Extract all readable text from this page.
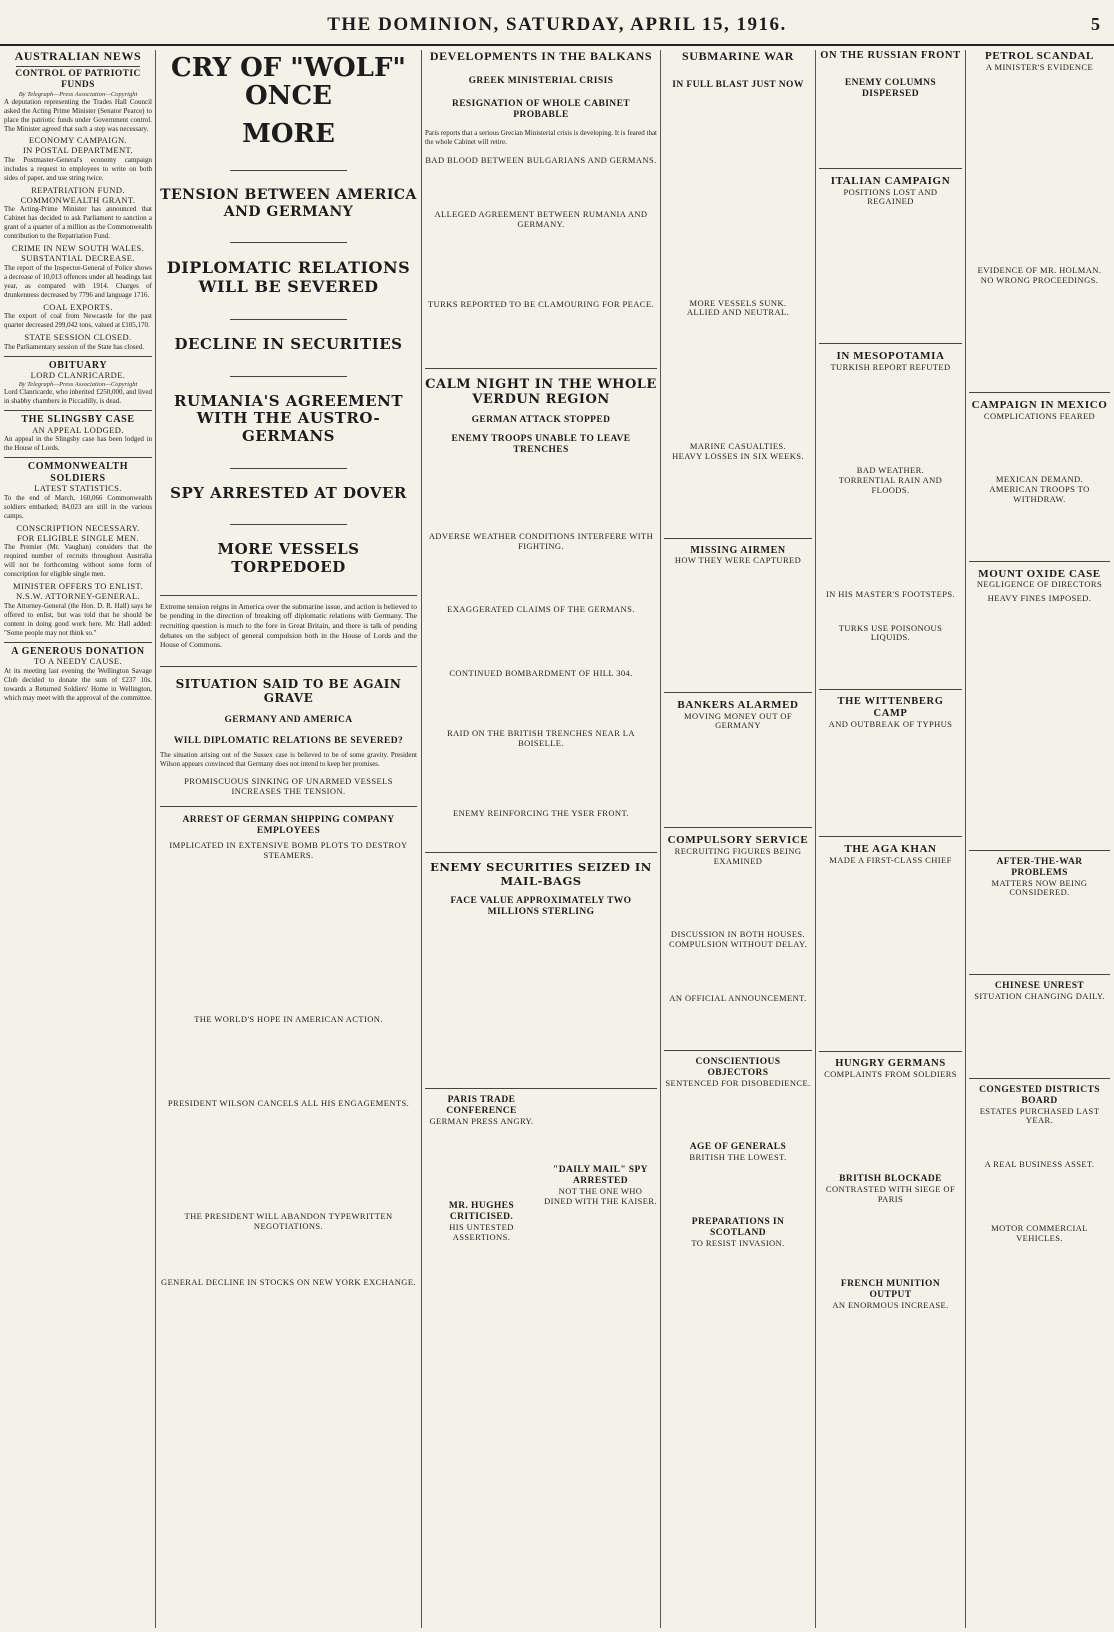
THE DOMINION, SATURDAY, APRIL 15, 1916.	5
AUSTRALIAN NEWS
CONTROL OF PATRIOTIC FUNDS
By Telegraph—Press Association—Copyright

A deputation representing the Trades Hall Council asked the Acting Prime Minister (Senator Pearce) to place the patriotic funds under Government control. The Minister agreed that such a step was necessary.

ECONOMY CAMPAIGN.
IN POSTAL DEPARTMENT.

The Postmaster-General's economy campaign includes a request to employees to write on both sides of paper, and use string twice.

REPATRIATION FUND.
COMMONWEALTH GRANT.

The Acting-Prime Minister has announced that Cabinet has decided to ask Parliament to sanction a grant of a quarter of a million as the Commonwealth contribution to the Repatriation Fund.

CRIME IN NEW SOUTH WALES.
SUBSTANTIAL DECREASE.

The report of the Inspector-General of Police shows a decrease of 10,013 offences under all headings last year, as compared with 1914. Charges of drunkenness decreased by 7796 and language 1716.

COAL EXPORTS.

The export of coal from Newcastle for the past quarter decreased 299,042 tons, valued at £105,170.

STATE SESSION CLOSED.

The Parliamentary session of the State has closed.

OBITUARY
LORD CLANRICARDE.
By Telegraph—Press Association—Copyright

Lord Clanricarde, who inherited £250,000, and lived in shabby chambers in Piccadilly, is dead.

THE SLINGSBY CASE
AN APPEAL LODGED.

An appeal in the Slingsby case has been lodged in the House of Lords.

COMMONWEALTH SOLDIERS
LATEST STATISTICS.

To the end of March, 160,066 Commonwealth soldiers embarked; 84,023 are still in the various camps.

CONSCRIPTION NECESSARY.
FOR ELIGIBLE SINGLE MEN.

The Premier (Mr. Vaughan) considers that the required number of recruits throughout Australia will not be forthcoming without some form of conscription for eligible single men.

MINISTER OFFERS TO ENLIST.
N.S.W. ATTORNEY-GENERAL.

The Attorney-General (the Hon. D. R. Hall) says he offered to enlist, but was told that he should be content in doing good work here. Mr. Hall added: "Some people may not think so."

A GENEROUS DONATION
TO A NEEDY CAUSE.

At its meeting last evening the Wellington Savage Club decided to donate the sum of £237 10s. towards a Returned Soldiers' Home in Wellington, which may meet with the approval of the committee.

CRY OF "WOLF" ONCE
MORE
TENSION BETWEEN AMERICA AND GERMANY
DIPLOMATIC RELATIONS WILL BE SEVERED
DECLINE IN SECURITIES
RUMANIA'S AGREEMENT WITH THE AUSTRO-GERMANS
SPY ARRESTED AT DOVER
MORE VESSELS TORPEDOED

Extreme tension reigns in America over the submarine issue, and action is believed to be pending in the direction of breaking off diplomatic relations with Germany. The recruiting question is much to the fore in Great Britain, and there is talk of pending debates on the subject of general compulsion both in the House of Lords and the House of Commons.

SITUATION SAID TO BE AGAIN GRAVE
GERMANY AND AMERICA
WILL DIPLOMATIC RELATIONS BE SEVERED?

The situation arising out of the Sussex case is believed to be of some gravity. President Wilson appears convinced that Germany does not intend to keep her promises.

PROMISCUOUS SINKING OF UNARMED VESSELS INCREASES THE TENSION.
ARREST OF GERMAN SHIPPING COMPANY EMPLOYEES
IMPLICATED IN EXTENSIVE BOMB PLOTS TO DESTROY STEAMERS.
THE WORLD'S HOPE IN AMERICAN ACTION.
PRESIDENT WILSON CANCELS ALL HIS ENGAGEMENTS.
THE PRESIDENT WILL ABANDON TYPEWRITTEN NEGOTIATIONS.
GENERAL DECLINE IN STOCKS ON NEW YORK EXCHANGE.
DEVELOPMENTS IN THE BALKANS
GREEK MINISTERIAL CRISIS
RESIGNATION OF WHOLE CABINET PROBABLE

Paris reports that a serious Grecian Ministerial crisis is developing. It is feared that the whole Cabinet will retire.

BAD BLOOD BETWEEN BULGARIANS AND GERMANS.
ALLEGED AGREEMENT BETWEEN RUMANIA AND GERMANY.
TURKS REPORTED TO BE CLAMOURING FOR PEACE.
CALM NIGHT IN THE WHOLE VERDUN REGION
GERMAN ATTACK STOPPED
ENEMY TROOPS UNABLE TO LEAVE TRENCHES
ADVERSE WEATHER CONDITIONS INTERFERE WITH FIGHTING.
EXAGGERATED CLAIMS OF THE GERMANS.
CONTINUED BOMBARDMENT OF HILL 304.
RAID ON THE BRITISH TRENCHES NEAR LA BOISELLE.
ENEMY REINFORCING THE YSER FRONT.
ENEMY SECURITIES SEIZED IN MAIL-BAGS
FACE VALUE APPROXIMATELY TWO MILLIONS STERLING
PARIS TRADE CONFERENCE
GERMAN PRESS ANGRY.
MR. HUGHES CRITICISED.
HIS UNTESTED ASSERTIONS.
"DAILY MAIL" SPY ARRESTED
NOT THE ONE WHO DINED WITH THE KAISER.
SUBMARINE WAR
IN FULL BLAST JUST NOW
MORE VESSELS SUNK.
ALLIED AND NEUTRAL.
MARINE CASUALTIES.
HEAVY LOSSES IN SIX WEEKS.
MISSING AIRMEN
HOW THEY WERE CAPTURED
BANKERS ALARMED
MOVING MONEY OUT OF GERMANY
COMPULSORY SERVICE
RECRUITING FIGURES BEING EXAMINED
DISCUSSION IN BOTH HOUSES.
COMPULSION WITHOUT DELAY.
AN OFFICIAL ANNOUNCEMENT.
CONSCIENTIOUS OBJECTORS
SENTENCED FOR DISOBEDIENCE.
AGE OF GENERALS
BRITISH THE LOWEST.
PREPARATIONS IN SCOTLAND
TO RESIST INVASION.
ON THE RUSSIAN FRONT
ENEMY COLUMNS DISPERSED
ITALIAN CAMPAIGN
POSITIONS LOST AND REGAINED
IN MESOPOTAMIA
TURKISH REPORT REFUTED
BAD WEATHER.
TORRENTIAL RAIN AND FLOODS.
IN HIS MASTER'S FOOTSTEPS.
TURKS USE POISONOUS LIQUIDS.
THE WITTENBERG CAMP
AND OUTBREAK OF TYPHUS
THE AGA KHAN
MADE A FIRST-CLASS CHIEF
HUNGRY GERMANS
COMPLAINTS FROM SOLDIERS
BRITISH BLOCKADE
CONTRASTED WITH SIEGE OF PARIS
FRENCH MUNITION OUTPUT
AN ENORMOUS INCREASE.
PETROL SCANDAL
A MINISTER'S EVIDENCE
EVIDENCE OF MR. HOLMAN.
NO WRONG PROCEEDINGS.
CAMPAIGN IN MEXICO
COMPLICATIONS FEARED
MEXICAN DEMAND.
AMERICAN TROOPS TO WITHDRAW.
MOUNT OXIDE CASE
NEGLIGENCE OF DIRECTORS
HEAVY FINES IMPOSED.
AFTER-THE-WAR PROBLEMS
MATTERS NOW BEING CONSIDERED.
CHINESE UNREST
SITUATION CHANGING DAILY.
CONGESTED DISTRICTS BOARD
ESTATES PURCHASED LAST YEAR.
A REAL BUSINESS ASSET.
MOTOR COMMERCIAL VEHICLES.
